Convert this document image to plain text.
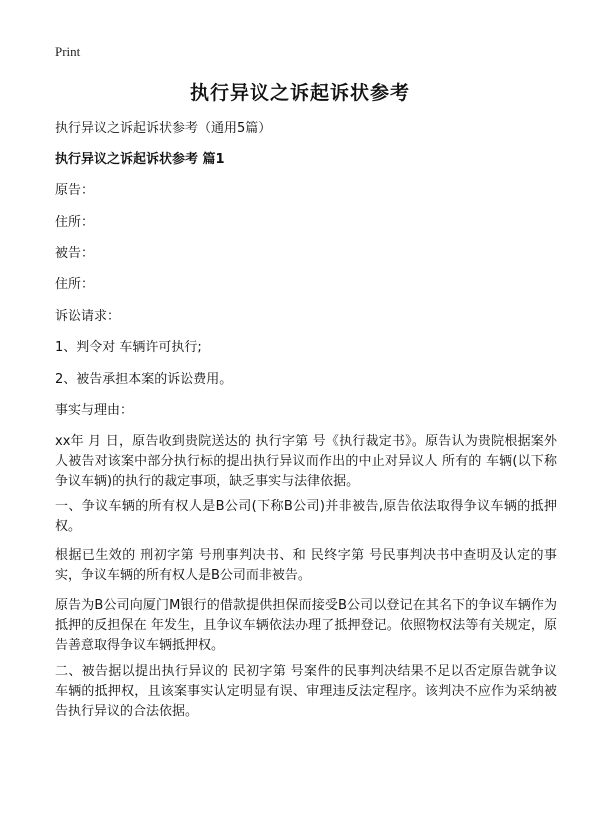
Print
执行异议之诉起诉状参考
执行异议之诉起诉状参考（通用5篇）
执行异议之诉起诉状参考 篇1
原告：
住所：
被告：
住所：
诉讼请求：
1、判令对 车辆许可执行;
2、被告承担本案的诉讼费用。
事实与理由：
xx年 月 日，原告收到贵院送达的 执行字第 号《执行裁定书》。原告认为贵院根据案外人被告对该案中部分执行标的提出执行异议而作出的中止对异议人 所有的 车辆(以下称争议车辆)的执行的裁定事项，缺乏事实与法律依据。
一、争议车辆的所有权人是B公司(下称B公司)并非被告,原告依法取得争议车辆的抵押权。
根据已生效的 刑初字第 号刑事判决书、和 民终字第 号民事判决书中查明及认定的事实，争议车辆的所有权人是B公司而非被告。
原告为B公司向厦门M银行的借款提供担保而接受B公司以登记在其名下的争议车辆作为抵押的反担保在 年发生，且争议车辆依法办理了抵押登记。依照物权法等有关规定，原告善意取得争议车辆抵押权。
二、被告据以提出执行异议的 民初字第 号案件的民事判决结果不足以否定原告就争议车辆的抵押权，且该案事实认定明显有误、审理违反法定程序。该判决不应作为采纳被告执行异议的合法依据。
